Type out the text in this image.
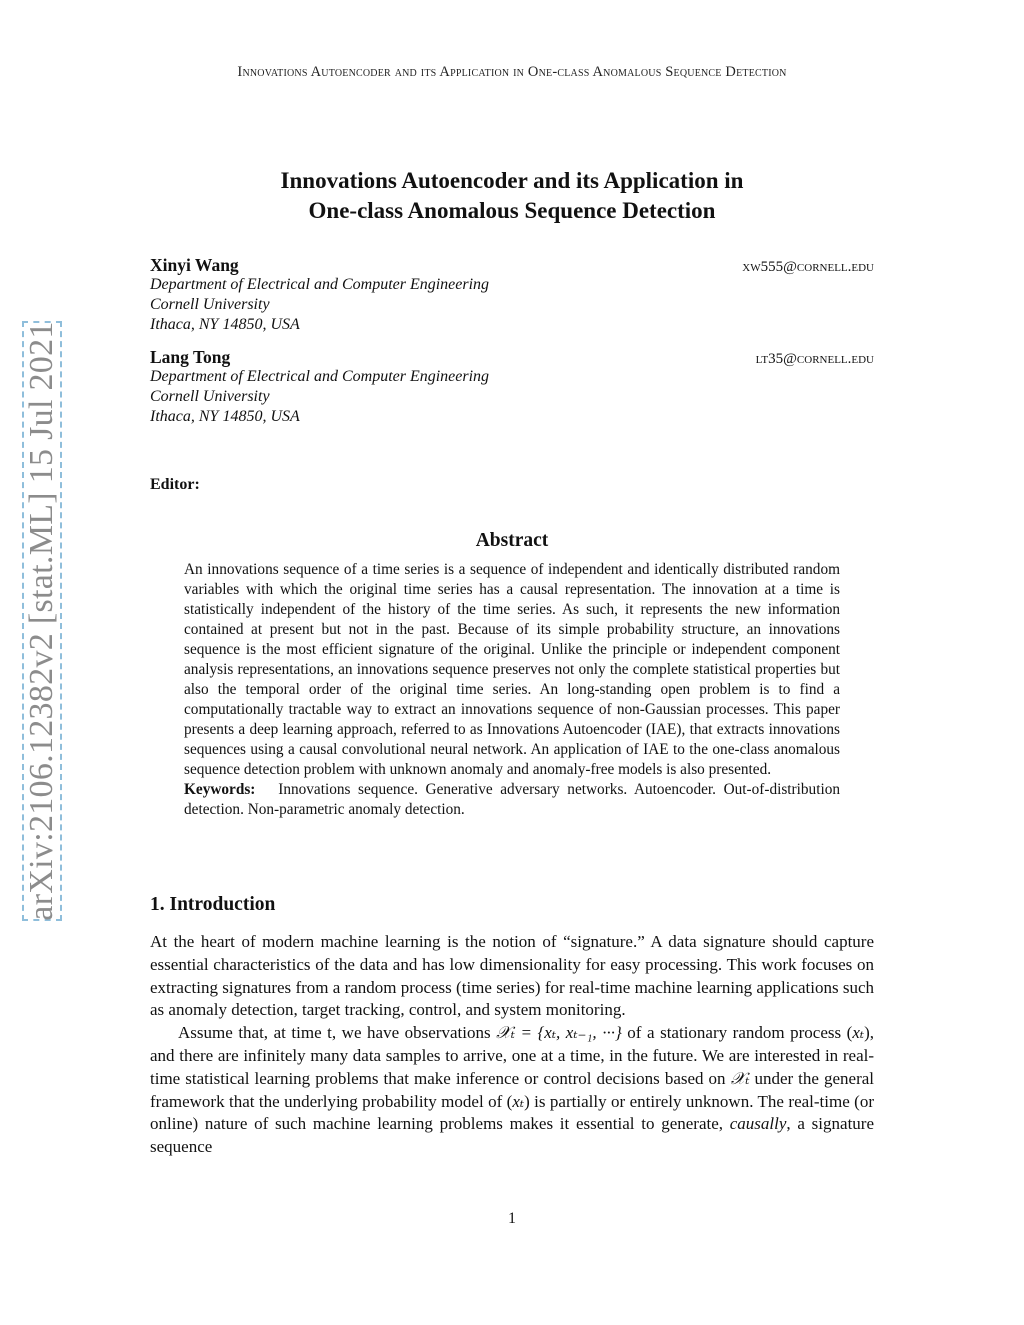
Innovations Autoencoder and its Application in One-class Anomalous Sequence Detection
arXiv:2106.12382v2 [stat.ML] 15 Jul 2021
Innovations Autoencoder and its Application in
One-class Anomalous Sequence Detection
Xinyi Wang	xw555@cornell.edu
Department of Electrical and Computer Engineering
Cornell University
Ithaca, NY 14850, USA
Lang Tong	lt35@cornell.edu
Department of Electrical and Computer Engineering
Cornell University
Ithaca, NY 14850, USA
Editor:
Abstract

An innovations sequence of a time series is a sequence of independent and identically distributed random variables with which the original time series has a causal representation. The innovation at a time is statistically independent of the history of the time series. As such, it represents the new information contained at present but not in the past. Because of its simple probability structure, an innovations sequence is the most efficient signature of the original. Unlike the principle or independent component analysis representations, an innovations sequence preserves not only the complete statistical properties but also the temporal order of the original time series. An long-standing open problem is to find a computationally tractable way to extract an innovations sequence of non-Gaussian processes. This paper presents a deep learning approach, referred to as Innovations Autoencoder (IAE), that extracts innovations sequences using a causal convolutional neural network. An application of IAE to the one-class anomalous sequence detection problem with unknown anomaly and anomaly-free models is also presented.

Keywords: Innovations sequence. Generative adversary networks. Autoencoder. Out-of-distribution detection. Non-parametric anomaly detection.

1. Introduction

At the heart of modern machine learning is the notion of “signature.” A data signature should capture essential characteristics of the data and has low dimensionality for easy processing. This work focuses on extracting signatures from a random process (time series) for real-time machine learning applications such as anomaly detection, target tracking, control, and system monitoring.

Assume that, at time t, we have observations 𝒳ₜ = {xₜ, xₜ₋₁, ···} of a stationary random process (xₜ), and there are infinitely many data samples to arrive, one at a time, in the future. We are interested in real-time statistical learning problems that make inference or control decisions based on 𝒳ₜ under the general framework that the underlying probability model of (xₜ) is partially or entirely unknown. The real-time (or online) nature of such machine learning problems makes it essential to generate, causally, a signature sequence

1
